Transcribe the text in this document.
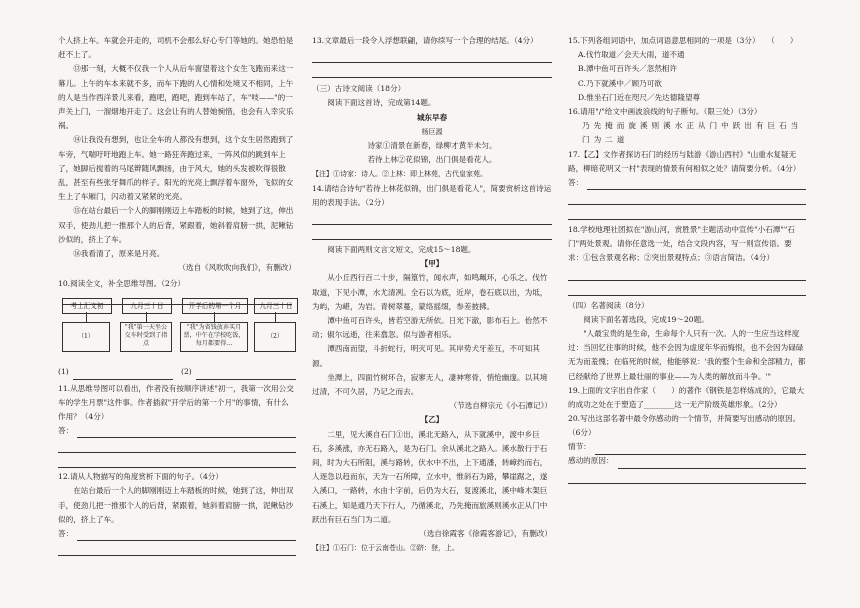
个人挤上车。车就会开走的，司机不会那么好心专门等她的。她恐怕是赶不上了。
⑬那一刻，大概不仅我一个人从后车窗望着这个女生飞跑而来这一幕儿。上午的车本来就不多，而车下跑的人心情和处境又不相同，上午的人是当作西洋景儿来看，跑吧，跑吧，跑到车站了，车"吱——"的一声关上门，一溜烟地开走了。这会让有的人替她惋惜，也会有人幸灾乐祸。
⑭让我没有想到，也让全车的人都没有想到，这个女生居然跑到了车旁，气喘吁吁地跑上车。她一路狂奔跑过来，一阵风似的跳到车上了，她脚后搅着的马尾辫随风飘扬，由于风大，她的头发被吹得很散乱，甚至有些张牙舞爪的样子。阳光的光亮上飘浮着车窗外，飞似的女生上了车厢门，闪动着又紧紧的光亮。
⑮在站台最后一个人的脚刚刚迈上车踏板的时候，她到了这，伸出双手，使劲儿把一推那个人的后背，紧跟着，她斜着肩膀一拱，泥鳅钻沙似的，挤上了车。
⑯我看清了，原来是月亮。
（选自《风吹吹向我们》，有删改）
10.阅读全文，补全思维导图。（2分）
考上汇文初	九月三十日	开学后的第一个月	九月三十日
（1）
"我"第一天坐公交车时受到了指点
"我"为省钱放弃买月票，中午在学校吃饭，每月都要得…
（2）
(1)	(2)
11.从思维导图可以看出，作者没有按顺序讲述"初一，我第一次用公交车的学生月票"这件事。作者插叙"开学后的第一个月"的事情，有什么作用？（4分）
答：
12.请从人物描写的角度赏析下面的句子。（4分）
在站台最后一个人的脚刚刚迈上车踏板的时候，她到了这，伸出双手，使劲儿把一推那个人的后背，紧跟着，她斜着肩膀一拱，泥鳅钻沙似的，挤上了车。
答：
13.文章最后一段令人浮想联翩，请你续写一个合理的结尾。（4分）
（三）古诗文阅读（18分）
阅读下面这首诗，完成第14题。
城东早春
杨巨源
诗家①清景在新春，绿柳才黄半未匀。
若待上林②花似锦，出门俱是看花人。
【注】①诗家：诗人。②上林：即上林苑，古代皇家苑。
14.请结合诗句"若待上林花似锦，出门俱是看花人"，简要赏析这首诗运用的表现手法。（2分）
阅读下面两则文言文短文，完成15～18题。
【甲】
从小丘西行百二十步，隔篁竹，闻水声，如鸣珮环，心乐之。伐竹取道，下见小潭，水尤清冽。全石以为底，近岸，卷石底以出，为坻，为屿，为嵁，为岩。青树翠蔓，蒙络摇缀，参差披拂。
潭中鱼可百许头，皆若空游无所依。日光下澈，影布石上。佁然不动；俶尔远逝，往来翕忽。似与游者相乐。
潭西南而望，斗折蛇行，明灭可见。其岸势犬牙差互，不可知其源。
坐潭上，四面竹树环合，寂寥无人，凄神寒骨，悄怆幽邃。以其境过清，不可久居，乃记之而去。
（节选自柳宗元《小石潭记》）
【乙】
二里，见大溪自石门①出，溪北无路入，从下就溪中，渡中乡巨石，多溪涨，亦无石路入，是为石门。余从溪北之路入。溪水散行于石间，时为大石所阻，溪与路转，伏水中不出，上下通潘，转嶂约而右，人逐急以趋而东，天为一石所障，立水中，惟斜石为路，攀崖踞之，遂入溪口，一路转，水由十字前，后仍为大石，复渡溪北，溪中峰木架巨石溪上，知是通乃天下行人，乃循溪北，乃先掩而旅溪则溪水正从门中跃出有巨石当门为二道。
（选自徐霞客《徐霞客游记》，有删改）
【注】①石门：位于云南苍山。②跻：登，上。
15.下列各组词语中，加点词语意思相同的一项是（3分）　　（　　）
A.伐竹取道／会天大雨，道不通
B.潭中鱼可百许头／忽然相许
C.乃下就溪中／顾乃可欲
D.惟坐石门近在咫尺／先达德隆望尊
16.请用"/"给文中画波浪线的句子断句。（限三处）（3分）
乃先掩而旋溪则溪水正从门中跃出有巨石当门为二道
17.【乙】文作者探访石门的经历与陆游《游山西村》"山重水复疑无路，柳暗花明又一村"表现的情景有何相似之处？请简要分析。（4分）
答：
18.学校地理社团拟在"游山河，赏胜景"主题活动中宣传"小石潭""石门"两处景观。请你任意选一处，结合文段内容，写一则宣传语。要求：①包含景观名称；②突出景观特点；③语言简洁。（4分）
（四）名著阅读（8分）
阅读下面名著选段，完成19～20题。
"人最宝贵的是生命，生命每个人只有一次。人的一生应当这样度过：当回忆往事的时候，他不会因为虚度年华而悔恨，也不会因为碌碌无为而羞愧；在临死的时候，他能够说：'我的整个生命和全部精力，都已经献给了世界上最壮丽的事业——为人类的解放而斗争。'"
19.上面的文字出自作家（　　）的著作《钢铁是怎样炼成的》，它最大的成功之处在于塑造了________这一无产阶级英雄形象。（2分）
20.写出这部名著中最令你感动的一个情节，并简要写出感动的原因。（6分）
情节：
感动的原因：
